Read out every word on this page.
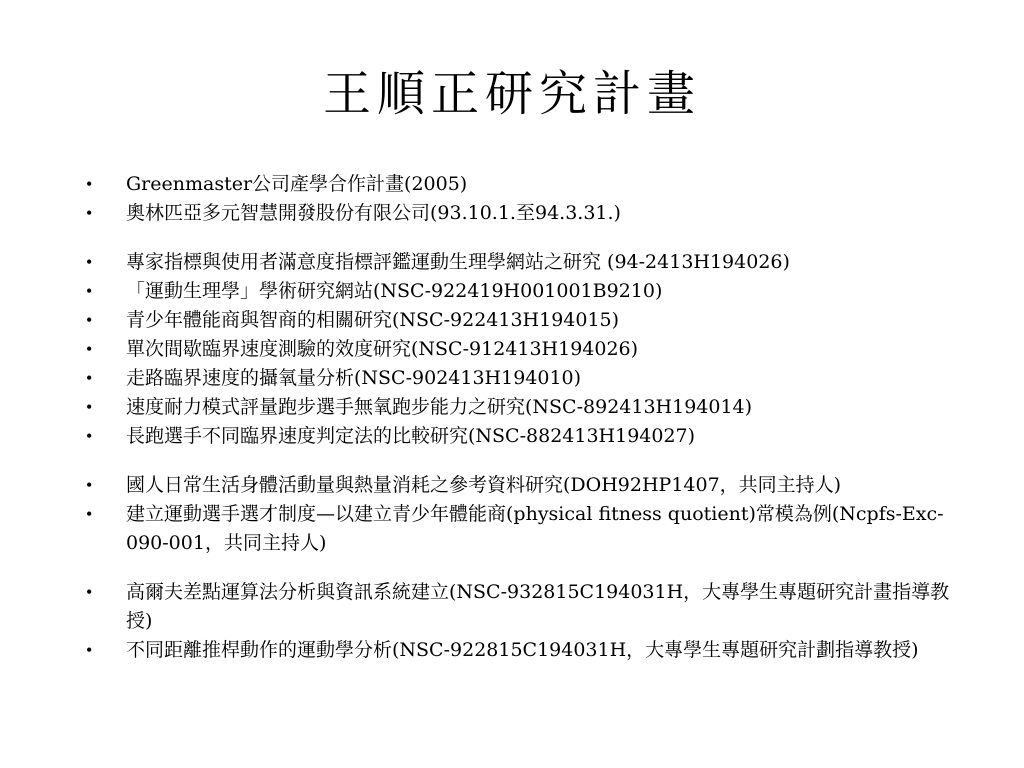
王順正研究計畫
• Greenmaster公司產學合作計畫(2005)
• 奧林匹亞多元智慧開發股份有限公司(93.10.1.至94.3.31.)
• 專家指標與使用者滿意度指標評鑑運動生理學網站之研究 (94-2413H194026)
• 「運動生理學」學術研究網站(NSC-922419H001001B9210)
• 青少年體能商與智商的相關研究(NSC-922413H194015)
• 單次間歇臨界速度測驗的效度研究(NSC-912413H194026)
• 走路臨界速度的攝氧量分析(NSC-902413H194010)
• 速度耐力模式評量跑步選手無氧跑步能力之研究(NSC-892413H194014)
• 長跑選手不同臨界速度判定法的比較研究(NSC-882413H194027)
• 國人日常生活身體活動量與熱量消耗之參考資料研究(DOH92HP1407，共同主持人)
• 建立運動選手選才制度—以建立青少年體能商(physical fitness quotient)常模為例(Ncpfs-Exc-090-001，共同主持人)
• 高爾夫差點運算法分析與資訊系統建立(NSC-932815C194031H，大專學生專題研究計畫指導教授)
• 不同距離推桿動作的運動學分析(NSC-922815C194031H，大專學生專題研究計劃指導教授)
